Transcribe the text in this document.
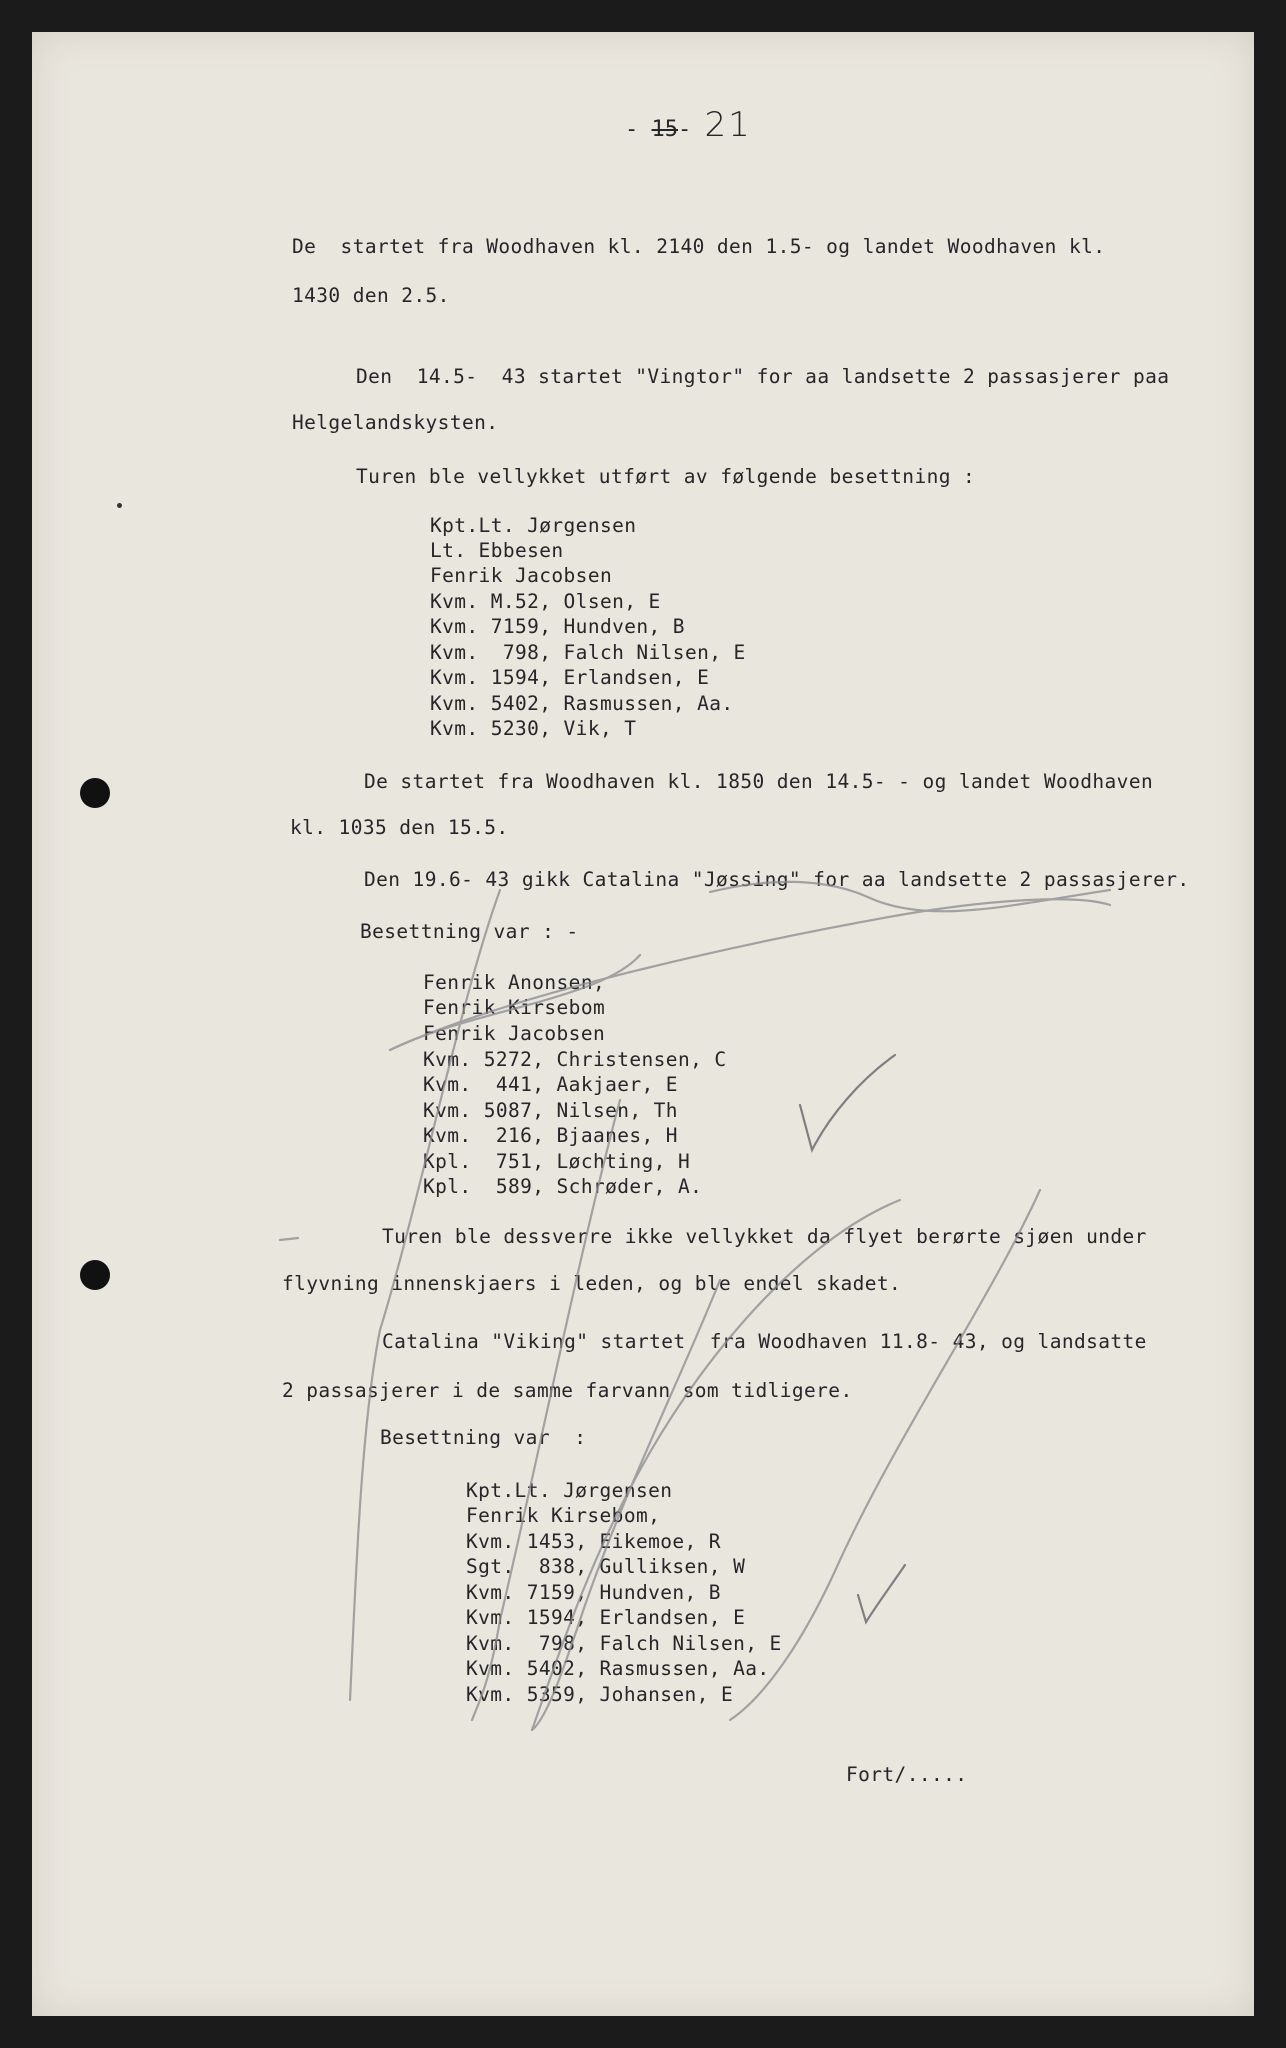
- 15- 21
De  startet fra Woodhaven kl. 2140 den 1.5- og landet Woodhaven kl.
1430 den 2.5.
Den  14.5-  43 startet "Vingtor" for aa landsette 2 passasjerer paa
Helgelandskysten.
Turen ble vellykket utført av følgende besettning :
Kpt.Lt. Jørgensen
Lt. Ebbesen
Fenrik Jacobsen
Kvm. M.52, Olsen, E
Kvm. 7159, Hundven, B
Kvm.  798, Falch Nilsen, E
Kvm. 1594, Erlandsen, E
Kvm. 5402, Rasmussen, Aa.
Kvm. 5230, Vik, T
De startet fra Woodhaven kl. 1850 den 14.5- - og landet Woodhaven
kl. 1035 den 15.5.
Den 19.6- 43 gikk Catalina "Jøssing" for aa landsette 2 passasjerer.
Besettning var : -
Fenrik Anonsen,
Fenrik Kirsebom
Fenrik Jacobsen
Kvm. 5272, Christensen, C
Kvm.  441, Aakjaer, E
Kvm. 5087, Nilsen, Th
Kvm.  216, Bjaanes, H
Kpl.  751, Løchting, H
Kpl.  589, Schrøder, A.
Turen ble dessverre ikke vellykket da flyet berørte sjøen under
flyvning innenskjaers i leden, og ble endel skadet.
Catalina "Viking" startet  fra Woodhaven 11.8- 43, og landsatte
2 passasjerer i de samme farvann som tidligere.
Besettning var  :
Kpt.Lt. Jørgensen
Fenrik Kirsebom,
Kvm. 1453, Eikemoe, R
Sgt.  838, Gulliksen, W
Kvm. 7159, Hundven, B
Kvm. 1594, Erlandsen, E
Kvm.  798, Falch Nilsen, E
Kvm. 5402, Rasmussen, Aa.
Kvm. 5359, Johansen, E
Fort/.....
